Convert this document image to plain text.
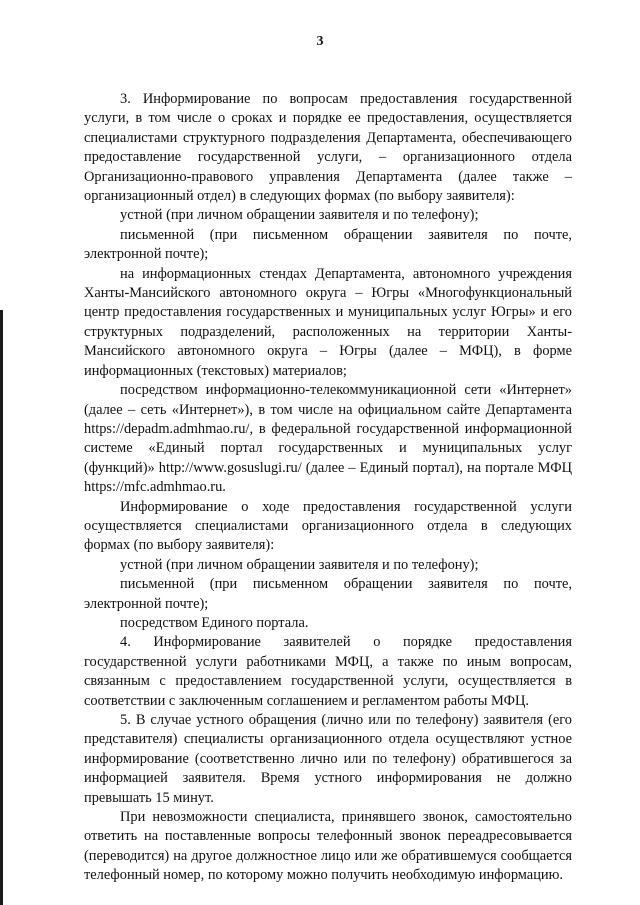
3

3. Информирование по вопросам предоставления государственной услуги, в том числе о сроках и порядке ее предоставления, осуществляется специалистами структурного подразделения Департамента, обеспечивающего предоставление государственной услуги, – организационного отдела Организационно-правового управления Департамента (далее также – организационный отдел) в следующих формах (по выбору заявителя):

устной (при личном обращении заявителя и по телефону);

письменной (при письменном обращении заявителя по почте, электронной почте);

на информационных стендах Департамента, автономного учреждения Ханты-Мансийского автономного округа – Югры «Многофункциональный центр предоставления государственных и муниципальных услуг Югры» и его структурных подразделений, расположенных на территории Ханты-Мансийского автономного округа – Югры (далее – МФЦ), в форме информационных (текстовых) материалов;

посредством информационно-телекоммуникационной сети «Интернет» (далее – сеть «Интернет»), в том числе на официальном сайте Департамента https://depadm.admhmao.ru/, в федеральной государственной информационной системе «Единый портал государственных и муниципальных услуг (функций)» http://www.gosuslugi.ru/ (далее – Единый портал), на портале МФЦ https://mfc.admhmao.ru.

Информирование о ходе предоставления государственной услуги осуществляется специалистами организационного отдела в следующих формах (по выбору заявителя):

устной (при личном обращении заявителя и по телефону);

письменной (при письменном обращении заявителя по почте, электронной почте);

посредством Единого портала.

4. Информирование заявителей о порядке предоставления государственной услуги работниками МФЦ, а также по иным вопросам, связанным с предоставлением государственной услуги, осуществляется в соответствии с заключенным соглашением и регламентом работы МФЦ.

5. В случае устного обращения (лично или по телефону) заявителя (его представителя) специалисты организационного отдела осуществляют устное информирование (соответственно лично или по телефону) обратившегося за информацией заявителя. Время устного информирования не должно превышать 15 минут.

При невозможности специалиста, принявшего звонок, самостоятельно ответить на поставленные вопросы телефонный звонок переадресовывается (переводится) на другое должностное лицо или же обратившемуся сообщается телефонный номер, по которому можно получить необходимую информацию.
